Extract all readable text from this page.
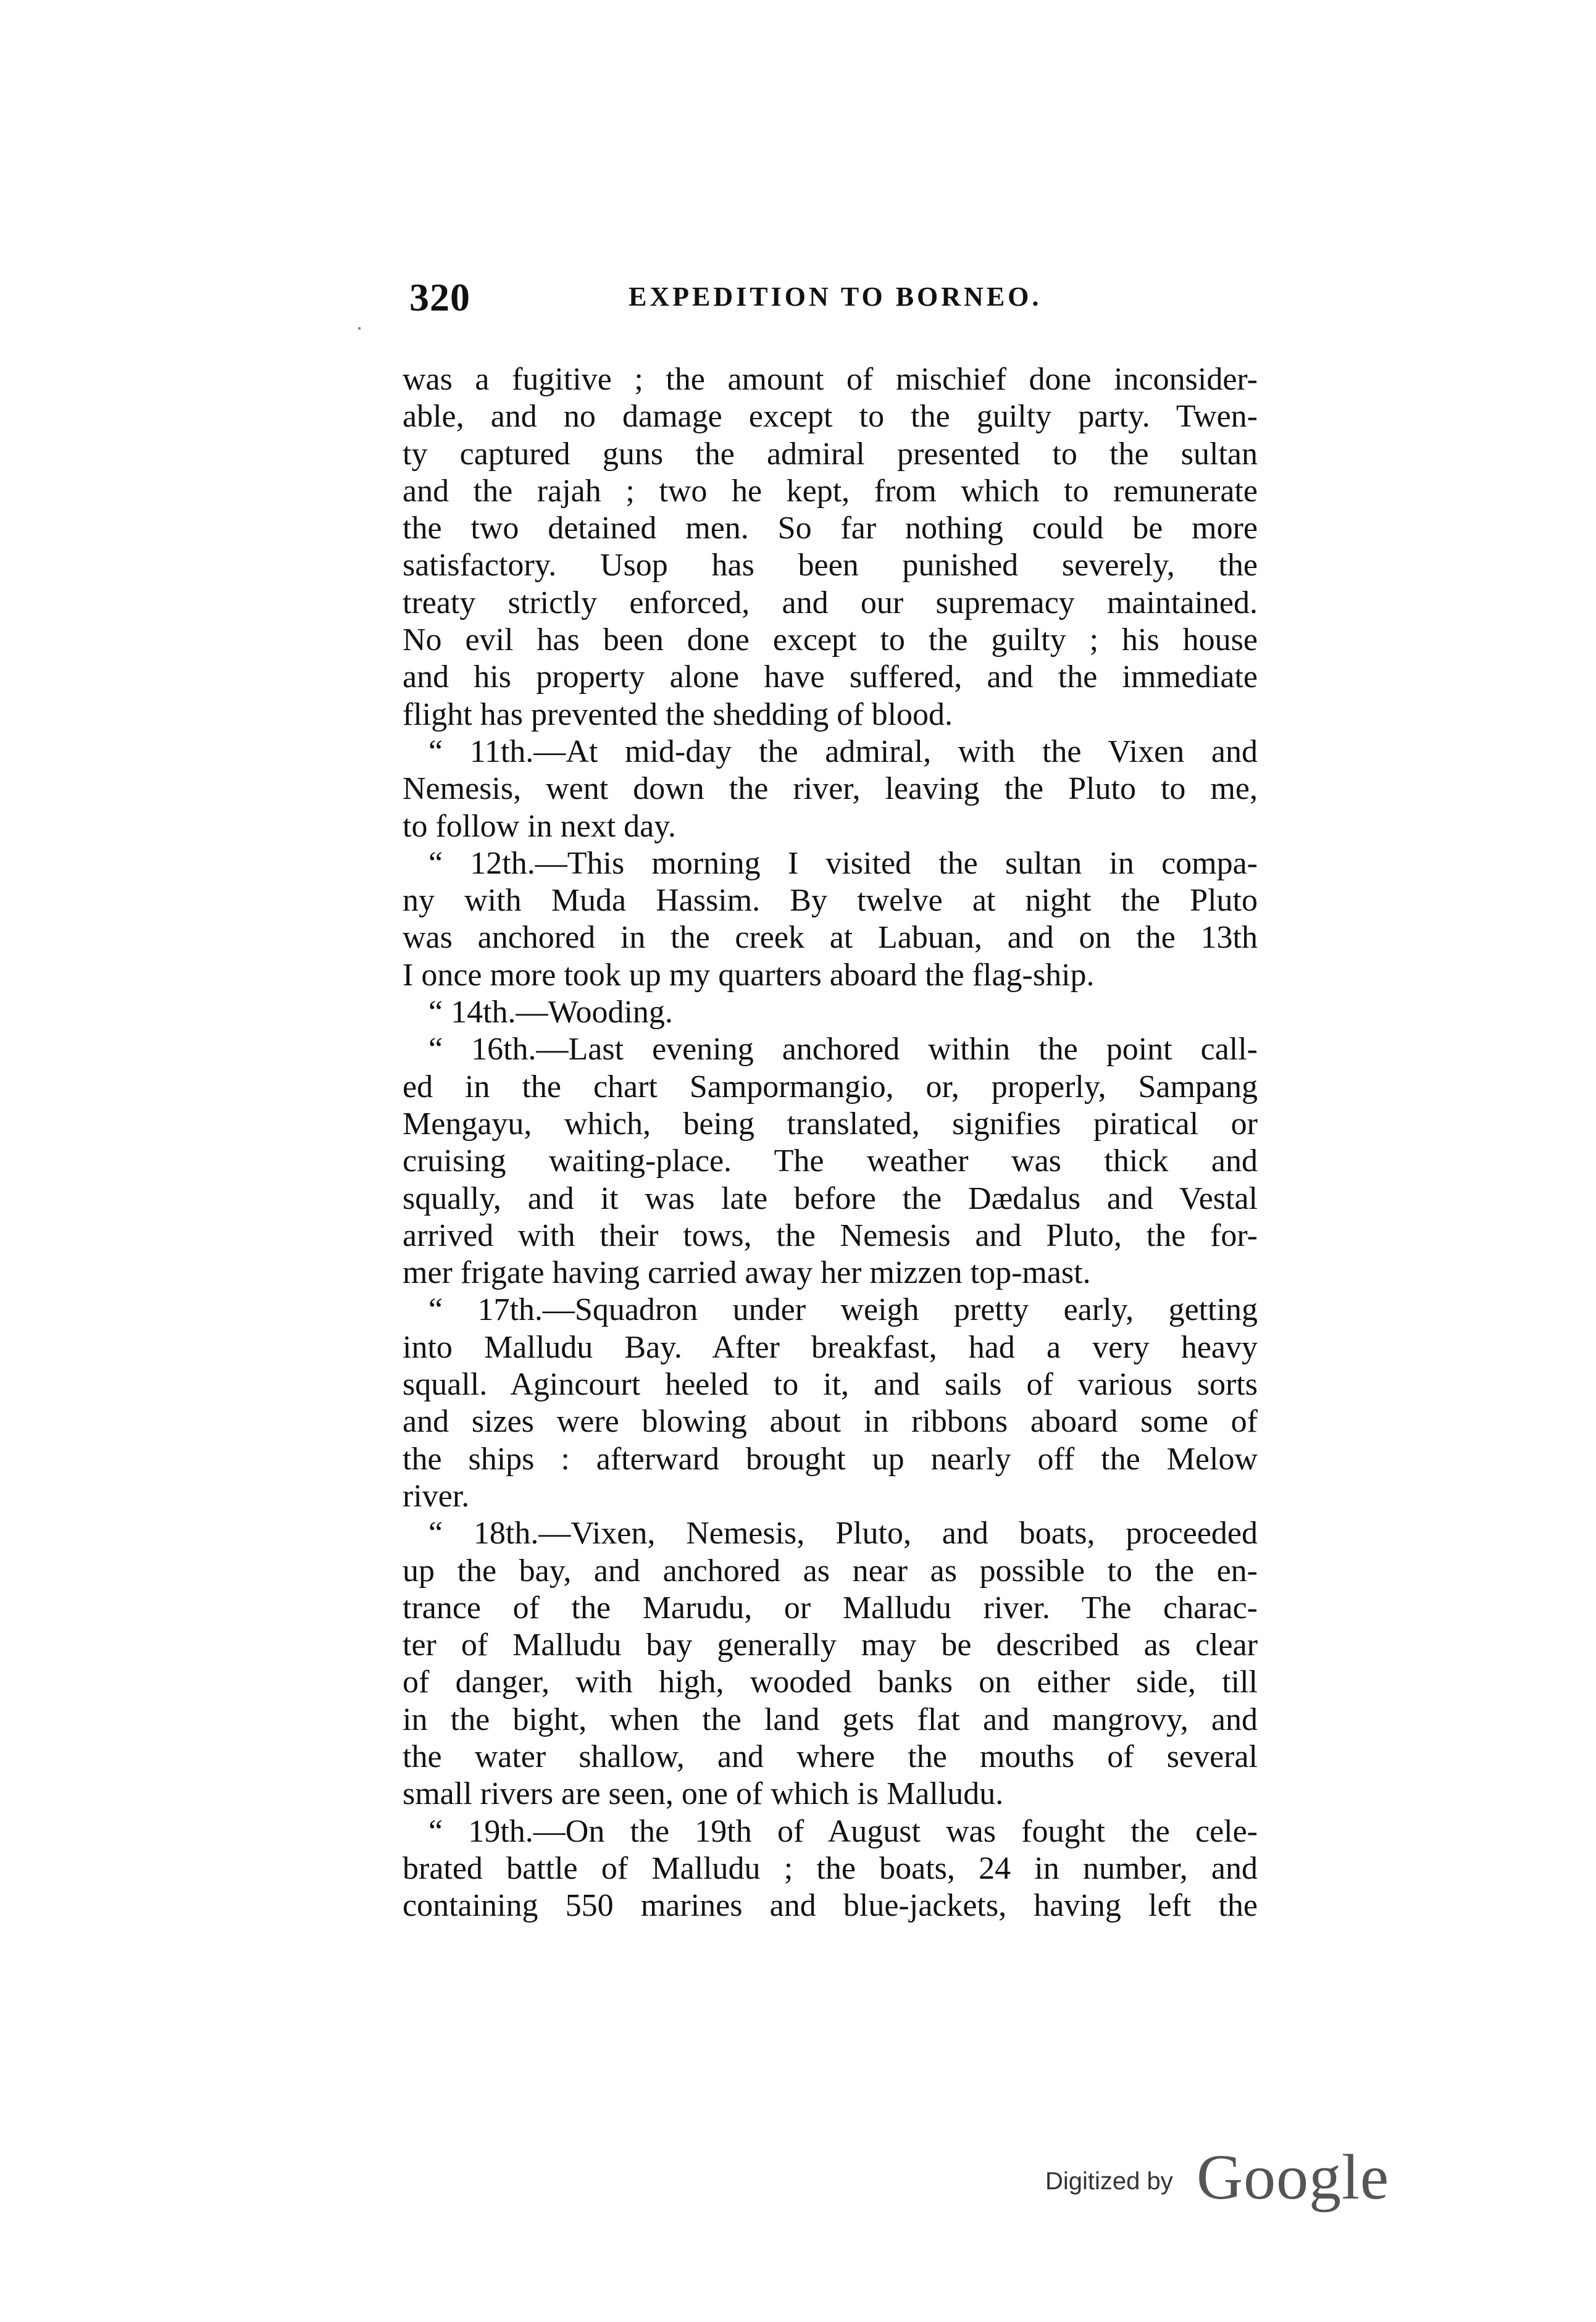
320	EXPEDITION TO BORNEO.
was a fugitive ; the amount of mischief done inconsider-
able, and no damage except to the guilty party. Twen-
ty captured guns the admiral presented to the sultan
and the rajah ; two he kept, from which to remunerate
the two detained men. So far nothing could be more
satisfactory. Usop has been punished severely, the
treaty strictly enforced, and our supremacy maintained.
No evil has been done except to the guilty ; his house
and his property alone have suffered, and the immediate
flight has prevented the shedding of blood.
“ 11th.—At mid-day the admiral, with the Vixen and
Nemesis, went down the river, leaving the Pluto to me,
to follow in next day.
“ 12th.—This morning I visited the sultan in compa-
ny with Muda Hassim. By twelve at night the Pluto
was anchored in the creek at Labuan, and on the 13th
I once more took up my quarters aboard the flag-ship.
“ 14th.—Wooding.
“ 16th.—Last evening anchored within the point call-
ed in the chart Sampormangio, or, properly, Sampang
Mengayu, which, being translated, signifies piratical or
cruising waiting-place. The weather was thick and
squally, and it was late before the Dædalus and Vestal
arrived with their tows, the Nemesis and Pluto, the for-
mer frigate having carried away her mizzen top-mast.
“ 17th.—Squadron under weigh pretty early, getting
into Malludu Bay. After breakfast, had a very heavy
squall. Agincourt heeled to it, and sails of various sorts
and sizes were blowing about in ribbons aboard some of
the ships : afterward brought up nearly off the Melow
river.
“ 18th.—Vixen, Nemesis, Pluto, and boats, proceeded
up the bay, and anchored as near as possible to the en-
trance of the Marudu, or Malludu river. The charac-
ter of Malludu bay generally may be described as clear
of danger, with high, wooded banks on either side, till
in the bight, when the land gets flat and mangrovy, and
the water shallow, and where the mouths of several
small rivers are seen, one of which is Malludu.
“ 19th.—On the 19th of August was fought the cele-
brated battle of Malludu ; the boats, 24 in number, and
containing 550 marines and blue-jackets, having left the
Digitized by Google
